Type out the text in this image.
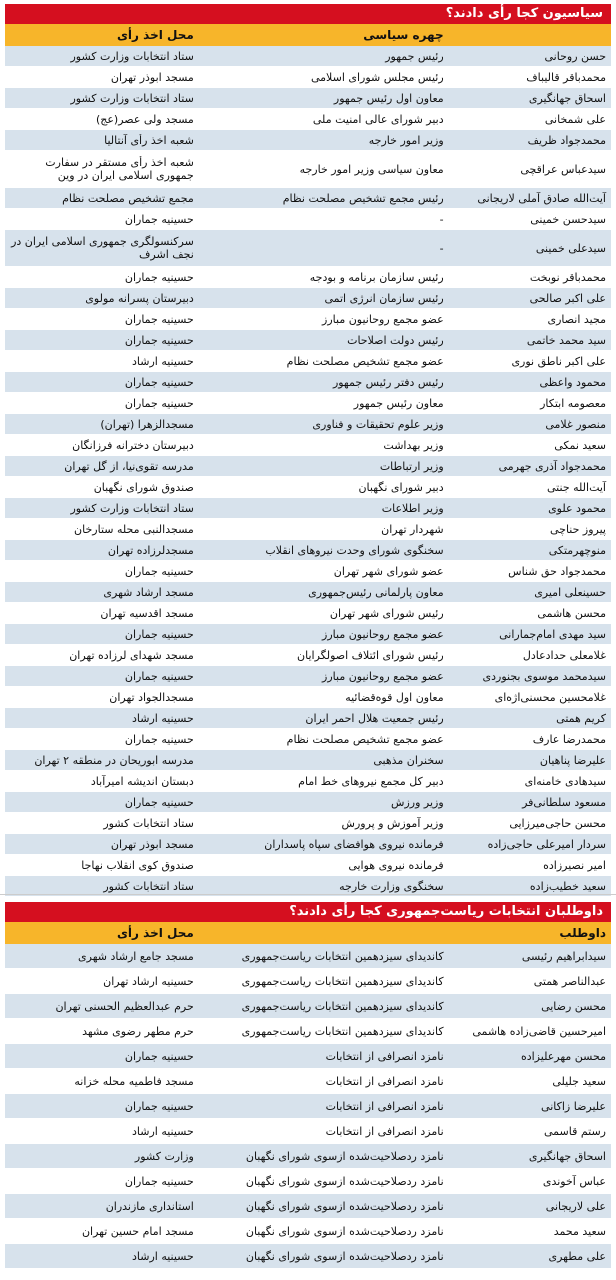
سیاسیون کجا رأی دادند؟
چهره سیاسی
محل اخذ رأی
حسن روحانی
رئیس جمهور
ستاد انتخابات وزارت کشور
محمدباقر قالیباف
رئیس مجلس شورای اسلامی
مسجد ابوذر تهران
اسحاق جهانگیری
معاون اول رئیس جمهور
ستاد انتخابات وزارت کشور
علی شمخانی
دبیر شورای عالی امنیت ملی
مسجد ولی عصر(عج)
محمدجواد ظریف
وزیر امور خارجه
شعبه اخذ رأی آنتالیا
سیدعباس عراقچی
معاون سیاسی وزیر امور خارجه
شعبه اخذ رأی مستقر در سفارت جمهوری اسلامی ایران در وین
آیت‌الله صادق آملی لاریجانی
رئیس مجمع تشخیص مصلحت نظام
مجمع تشخیص مصلحت نظام
سیدحسن خمینی
-
حسینیه جماران
سیدعلی خمینی
-
سرکنسولگری جمهوری اسلامی ایران در نجف اشرف
محمدباقر نوبخت
رئیس سازمان برنامه و بودجه
حسینیه جماران
علی اکبر صالحی
رئیس سازمان انرژی اتمی
دبیرستان پسرانه مولوی
مجید انصاری
عضو مجمع روحانیون مبارز
حسینیه جماران
سید محمد خاتمی
رئیس دولت اصلاحات
حسینیه جماران
علی اکبر ناطق نوری
عضو مجمع تشخیص مصلحت نظام
حسینیه ارشاد
محمود واعظی
رئیس دفتر رئیس جمهور
حسینیه جماران
معصومه ابتکار
معاون رئیس جمهور
حسینیه جماران
منصور غلامی
وزیر علوم تحقیقات و فناوری
مسجدالزهرا (تهران)
سعید نمکی
وزیر بهداشت
دبیرستان دخترانه فرزانگان
محمدجواد آذری جهرمی
وزیر ارتباطات
مدرسه تقوی‌نیا، از گل تهران
آیت‌الله جنتی
دبیر شورای نگهبان
صندوق شورای نگهبان
محمود علوی
وزیر اطلاعات
ستاد انتخابات وزارت کشور
پیروز حناچی
شهردار تهران
مسجدالنبی محله ستارخان
منوچهرمتکی
سخنگوی شورای وحدت نیروهای انقلاب
مسجدلرزاده تهران
محمدجواد حق شناس
عضو شورای شهر تهران
حسینیه جماران
حسینعلی امیری
معاون پارلمانی رئیس‌جمهوری
مسجد ارشاد شهری
محسن هاشمی
رئیس شورای شهر تهران
مسجد اقدسیه تهران
سید مهدی امام‌جمارانی
عضو مجمع روحانیون مبارز
حسینیه جماران
غلامعلی حدادعادل
رئیس شورای ائتلاف اصولگرایان
مسجد شهدای لرزاده تهران
سیدمحمد موسوی بجنوردی
عضو مجمع روحانیون مبارز
حسینیه جماران
غلامحسین محسنی‌اژه‌ای
معاون اول قوه‌قضائیه
مسجدالجواد تهران
کریم همتی
رئیس جمعیت هلال احمر ایران
حسینیه ارشاد
محمدرضا عارف
عضو مجمع تشخیص مصلحت نظام
حسینیه جماران
علیرضا پناهیان
سخنران مذهبی
مدرسه ابوریحان در منطقه ۲ تهران
سیدهادی خامنه‌ای
دبیر کل مجمع نیروهای خط امام
دبستان اندیشه امیرآباد
مسعود سلطانی‌فر
وزیر ورزش
حسینیه جماران
محسن حاجی‌میرزایی
وزیر آموزش و پرورش
ستاد انتخابات کشور
سردار امیرعلی حاجی‌زاده
فرمانده نیروی هوافضای سپاه پاسداران
مسجد ابوذر تهران
امیر نصیرزاده
فرمانده نیروی هوایی
صندوق کوی انقلاب نهاجا
سعید خطیب‌زاده
سخنگوی وزارت خارجه
ستاد انتخابات کشور
داوطلبان انتخابات ریاست‌جمهوری کجا رأی دادند؟
داوطلب
محل اخذ رأی
سیدابراهیم رئیسی
کاندیدای سیزدهمین انتخابات ریاست‌جمهوری
مسجد جامع ارشاد شهری
عبدالناصر همتی
کاندیدای سیزدهمین انتخابات ریاست‌جمهوری
حسینیه ارشاد تهران
محسن رضایی
کاندیدای سیزدهمین انتخابات ریاست‌جمهوری
حرم عبدالعظیم الحسنی تهران
امیرحسین قاضی‌زاده هاشمی
کاندیدای سیزدهمین انتخابات ریاست‌جمهوری
حرم مطهر رضوی مشهد
محسن مهرعلیزاده
نامزد انصرافی از انتخابات
حسینیه جماران
سعید جلیلی
نامزد انصرافی از انتخابات
مسجد فاطمیه محله خزانه
علیرضا زاکانی
نامزد انصرافی از انتخابات
حسینیه جماران
رستم قاسمی
نامزد انصرافی از انتخابات
حسینیه ارشاد
اسحاق جهانگیری
نامزد ردصلاحیت‌شده ازسوی شورای نگهبان
وزارت کشور
عباس آخوندی
نامزد ردصلاحیت‌شده ازسوی شورای نگهبان
حسینیه جماران
علی لاریجانی
نامزد ردصلاحیت‌شده ازسوی شورای نگهبان
استانداری مازندران
سعید محمد
نامزد ردصلاحیت‌شده ازسوی شورای نگهبان
مسجد امام حسین تهران
علی مطهری
نامزد ردصلاحیت‌شده ازسوی شورای نگهبان
حسینیه ارشاد
